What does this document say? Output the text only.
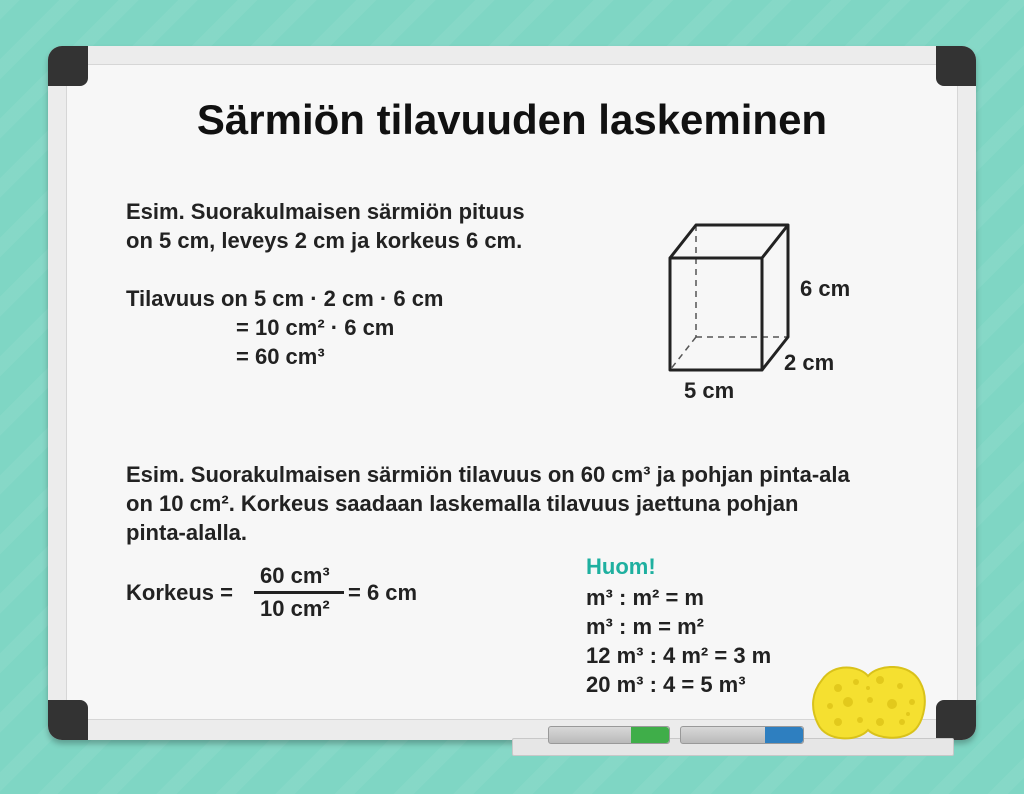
Särmiön tilavuuden laskeminen
Esim. Suorakulmaisen särmiön pituus
on 5 cm, leveys 2 cm ja korkeus 6 cm.
Tilavuus on 5 cm · 2 cm · 6 cm
= 10 cm² · 6 cm
= 60 cm³
6 cm
2 cm
5 cm
Esim. Suorakulmaisen särmiön tilavuus on 60 cm³ ja pohjan pinta-ala
on 10 cm². Korkeus saadaan laskemalla tilavuus jaettuna pohjan
pinta-alalla.
Korkeus =
60 cm³
10 cm²
= 6 cm
Huom!
m³ : m² = m
m³ : m = m²
12 m³ : 4 m² = 3 m
20 m³ : 4 = 5 m³
